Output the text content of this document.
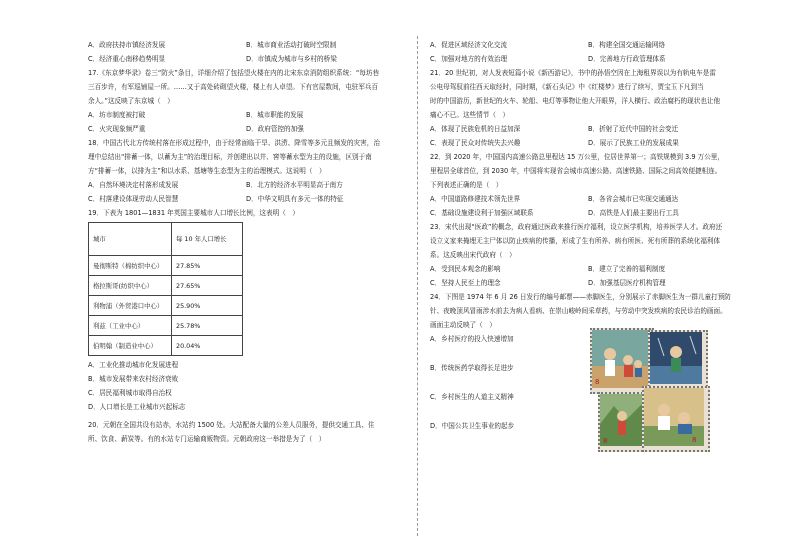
A．政府扶持市镇经济发展	B．城市商业活动打破时空限制
C．经济重心南移趋势明显	D．市镇成为城市与乡村的桥梁
17.《东京梦华录》卷三“防火”条目，详细介绍了包括望火楼在内的北宋东京消防组织系统：“每坊巷
三百步许，有军巡铺屋一所。……又于高处砖砌望火楼，楼上有人卓望。下有官屋数间，屯驻军兵百
余人。”这反映了东京城（　）
A．坊市制度被打破	B．城市职能的发展
C．火灾现象频严重	D．政府管控的加强
18．中国古代北方传统村落在形成过程中，由于经常面临干旱、洪涝、降雪等多元且频发的灾害，治
理中总结出“排蓄一体，以蓄为主”的治理目标，并创建出以井、窖等蓄水型为主的设施，区别于南
方“排蓄一体，以排为主”和以水系、基塘等生态型为主的治理模式。这说明（　）
A．自然环境决定村落形成发展	B．北方的经济水平明显高于南方
C．村落建设体现劳动人民智慧	D．中华文明具有多元一体的特征
19．下表为 1801—1831 年英国主要城市人口增长比例，这表明（　）
城市	每 10 年人口增长
曼彻斯特（棉纺织中心）	27.85%
格拉斯哥(纺织中心）	27.65%
利物浦（外贸港口中心）	25.90%
利兹（工业中心）	25.78%
伯明翰（制造业中心）	20.04%
A．工业化推动城市化发展进程
B．城市发展带来农村经济衰败
C．居民福利城市取得自治权
D．人口增长是工业城市兴起标志
20．元朝在全国共设有站赤，水站约 1500 处。大站配备大量的公差人员服务，提供交通工具、住
所、饮食、薪炭等。有的水站专门运输商贩物资。元朝政府这一举措是为了（　）
A．促进区域经济文化交流	B．构建全国交通运输网络
C．加强对地方的有效治理	D．完善地方行政管理体系
21．20 世纪初，对人发表短篇小说《新西游记》，书中的孙悟空因在上海租界误以为有轨电车是雷
公电母驾驭前往西天取经时，同时期，《新石头记》中《红楼梦》进行了续写，贾宝玉下凡到当
时的中国游历，新世纪的火车、轮船、电灯等事物让他大开眼界，洋人横行、政治腐朽的现状也让他
痛心不已。这些情节（　）
A．体现了民族危机的日益加深	B．折射了近代中国的社会变迁
C．表现了民众对传统失去兴趣	D．展示了民族工业的发展成果
22．到 2020 年，中国国内高速公路总里程达 15 万公里，位居世界第一；高铁规模到 3.9 万公里，
里程居全球首位，到 2030 年，中国将实现省会城市高速公路、高速铁路、国际之间高效便捷相连。
下列表述正确的是（　）
A．中国道路修建技术领先世界	B．各省会城市已实现交通通达
C．基础设施建设利于加强区域联系	D．高铁是人们最主要出行工具
23．宋代出现“医政”的概念，政府通过医政来推行医疗福利，设立医学机构，培养医学人才。政府还
设立义家来掩埋无主尸体以防止疾病的传播，形成了生有所养、病有所医、死有所葬的系统化福利体
系。这反映出宋代政府（　）
A．受到民本观念的影响	B．建立了完善的福利制度
C．坚持人民至上的理念	D．加强基层医疗机构管理
24．下图是 1974 年 6 月 26 日发行的编号邮票——赤脚医生，分别展示了赤脚医生为一群儿童打预防
针、夜晚顶风冒雨涉水前去为病人看病、在崇山峻岭间采草药，与劳动中突发疾病的农民诊治的画面。
画面主动反映了（　）
A．乡村医疗的投入快速增加
B．传统医药学取得长足进步
C．乡村医生的人道主义精神
D．中国公共卫生事业的起步
8
8	8
